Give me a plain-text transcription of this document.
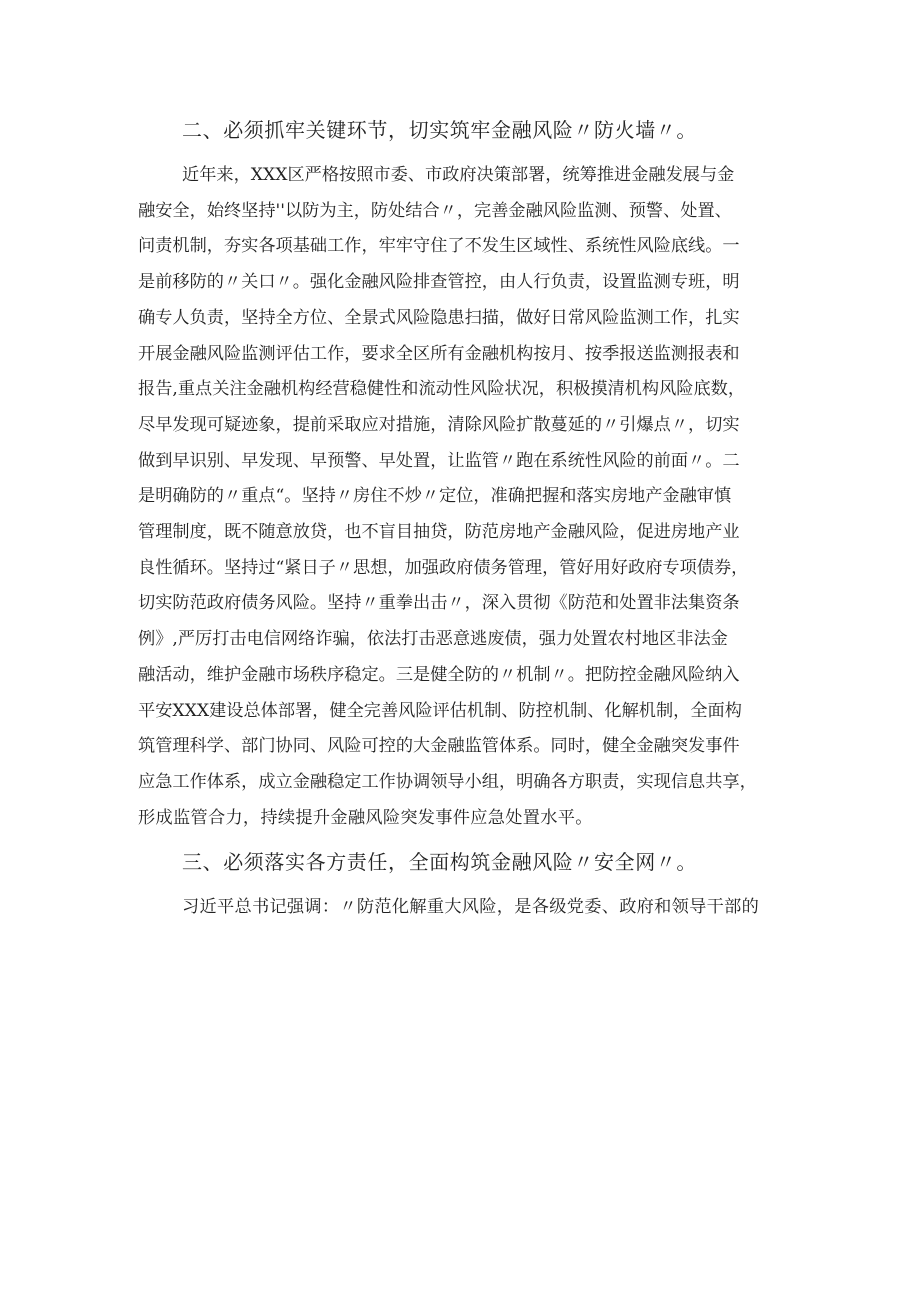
二、必须抓牢关键环节，切实筑牢金融风险〃防火墙〃。

近年来，XXX区严格按照市委、市政府决策部署，统筹推进金融发展与金
融安全，始终坚持''以防为主，防处结合〃，完善金融风险监测、预警、处置、
问责机制，夯实各项基础工作，牢牢守住了不发生区域性、系统性风险底线。一
是前移防的〃关口〃。强化金融风险排查管控，由人行负责，设置监测专班，明
确专人负责，坚持全方位、全景式风险隐患扫描，做好日常风险监测工作，扎实
开展金融风险监测评估工作，要求全区所有金融机构按月、按季报送监测报表和
报告,重点关注金融机构经营稳健性和流动性风险状况，积极摸清机构风险底数，
尽早发现可疑迹象，提前采取应对措施，清除风险扩散蔓延的〃引爆点〃，切实
做到早识别、早发现、早预警、早处置，让监管〃跑在系统性风险的前面〃。二
是明确防的〃重点“。坚持〃房住不炒〃定位，准确把握和落实房地产金融审慎
管理制度，既不随意放贷，也不盲目抽贷，防范房地产金融风险，促进房地产业
良性循环。坚持过“紧日子〃思想，加强政府债务管理，管好用好政府专项债券，
切实防范政府债务风险。坚持〃重拳出击〃，深入贯彻《防范和处置非法集资条
例》,严厉打击电信网络诈骗，依法打击恶意逃废债，强力处置农村地区非法金
融活动，维护金融市场秩序稳定。三是健全防的〃机制〃。把防控金融风险纳入
平安XXX建设总体部署，健全完善风险评估机制、防控机制、化解机制，全面构
筑管理科学、部门协同、风险可控的大金融监管体系。同时，健全金融突发事件
应急工作体系，成立金融稳定工作协调领导小组，明确各方职责，实现信息共享，
形成监管合力，持续提升金融风险突发事件应急处置水平。

三、必须落实各方责任，全面构筑金融风险〃安全网〃。

习近平总书记强调：〃防范化解重大风险，是各级党委、政府和领导干部的
